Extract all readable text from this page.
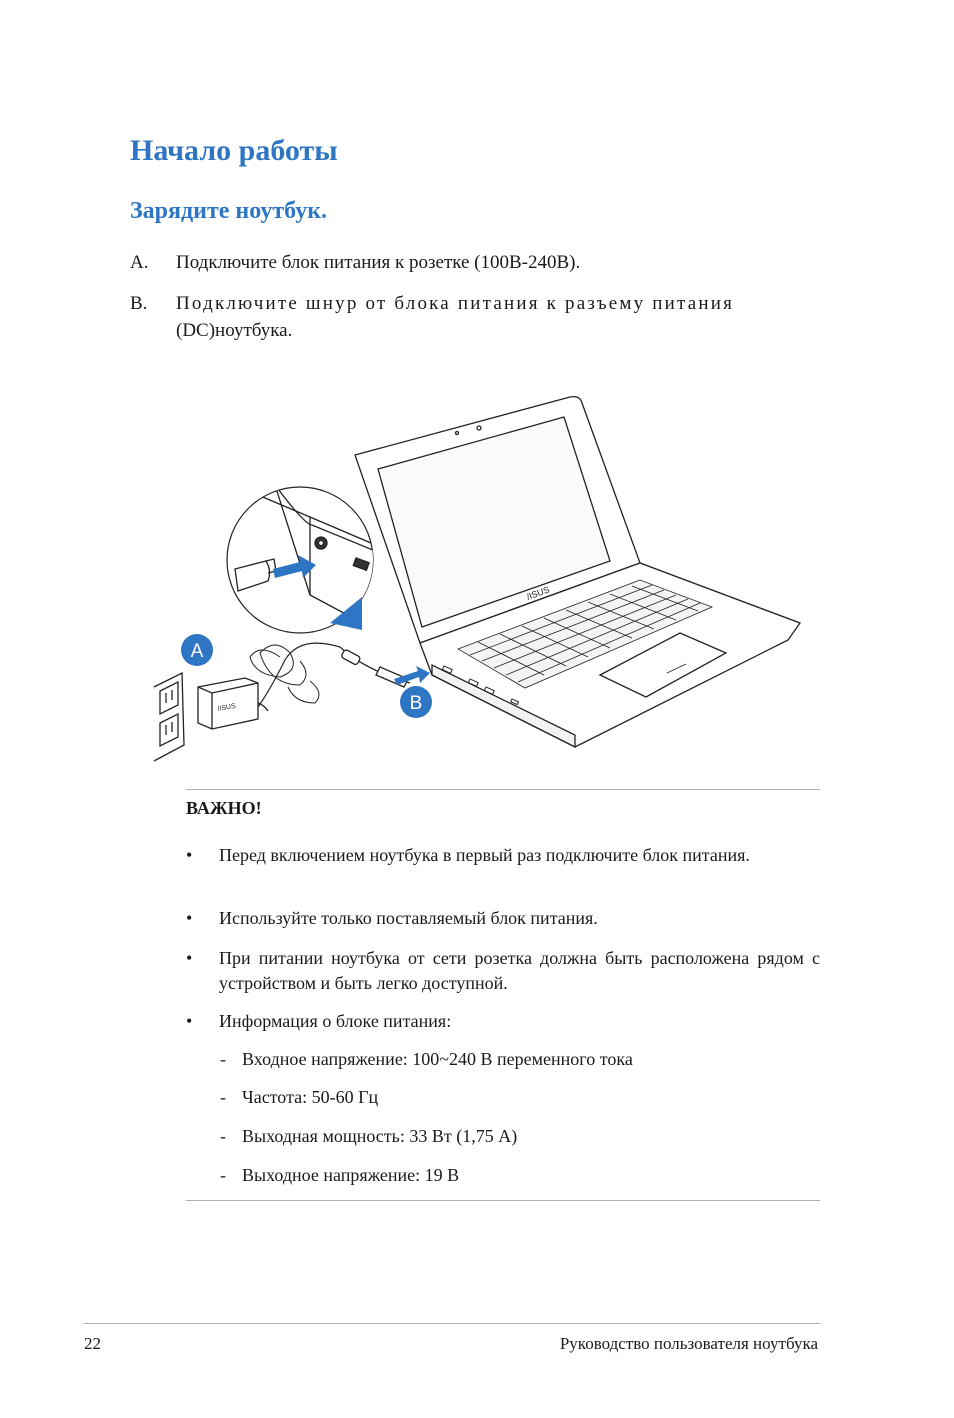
Начало работы
Зарядите ноутбук.
A. Подключите блок питания к розетке (100В-240В).
B. Подключите шнур от блока питания к разъему питания
(DC)ноутбука.
/ISUS
/ISUS
A
B
ВАЖНО!
• Перед включением ноутбука в первый раз подключите блок питания.
• Используйте только поставляемый блок питания.
• При питании ноутбука от сети розетка должна быть расположена рядом с устройством и быть легко доступной.
• Информация о блоке питания:
- Входное напряжение: 100~240 В переменного тока
- Частота: 50-60 Гц
- Выходная мощность: 33 Вт (1,75 A)
- Выходное напряжение: 19 В
22	Руководство пользователя ноутбука
